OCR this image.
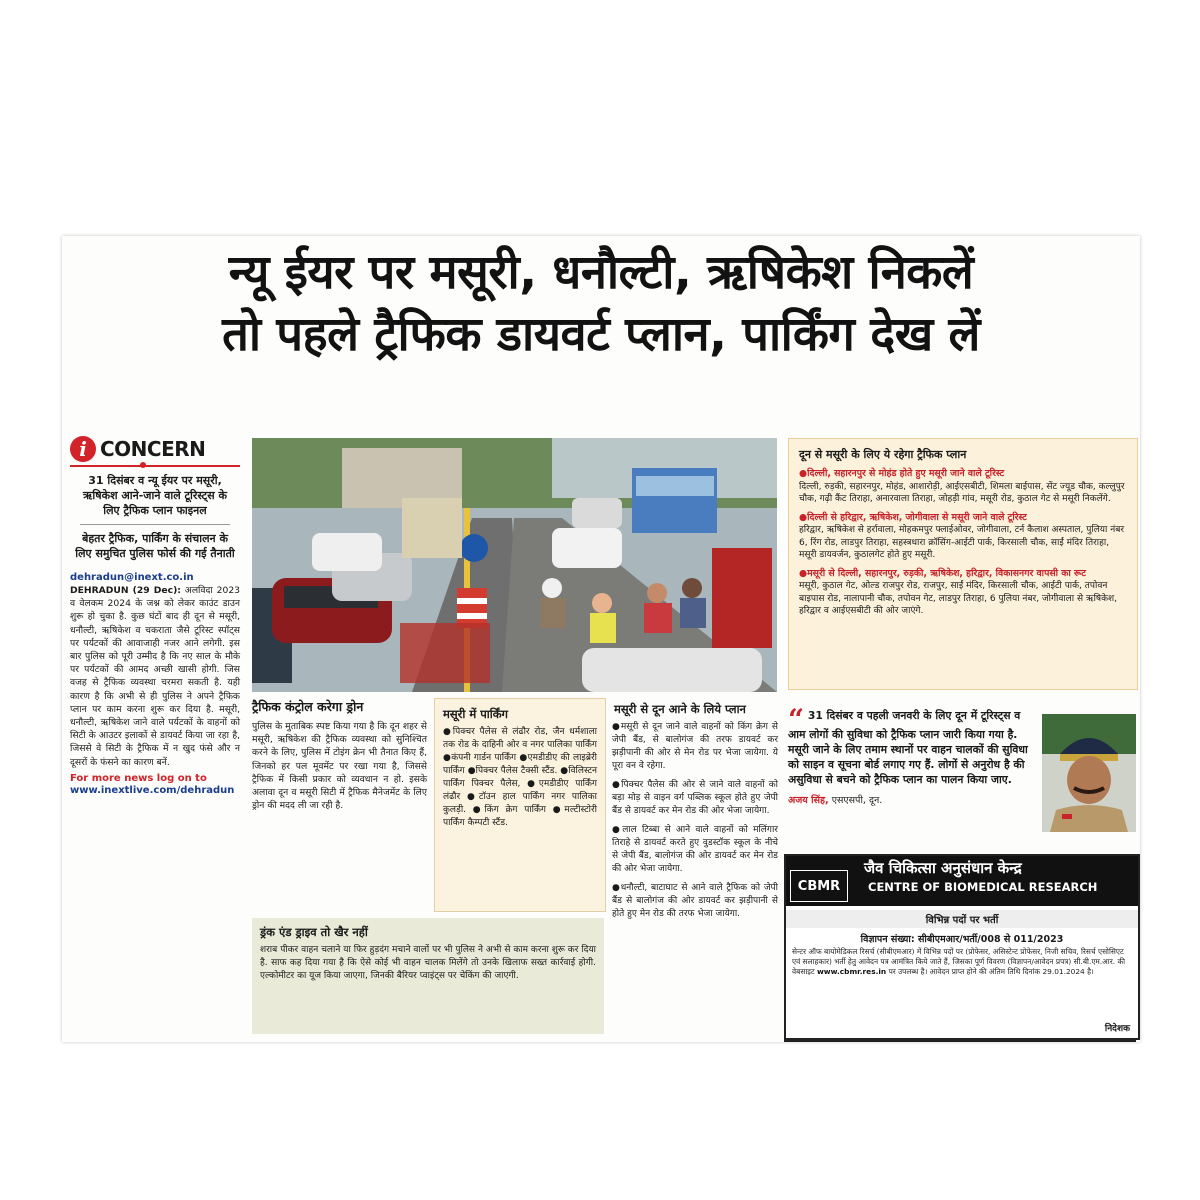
न्यू ईयर पर मसूरी, धनौल्टी, ऋषिकेश निकलें
तो पहले ट्रैफिक डायवर्ट प्लान, पार्किंग देख लें
i CONCERN
31 दिसंबर व न्यू ईयर पर मसूरी, ऋषिकेश आने-जाने वाले टूरिस्ट्स के लिए ट्रैफिक प्लान फाइनल
बेहतर ट्रैफिक, पार्किंग के संचालन के लिए समुचित पुलिस फोर्स की गई तैनाती
dehradun@inext.co.in
DEHRADUN (29 Dec): अलविदा 2023 व वेलकम 2024 के जश्न को लेकर काउंट डाउन शुरू हो चुका है. कुछ घंटों बाद ही दून से मसूरी, धनौल्टी, ऋषिकेश व चकराता जैसे टूरिस्ट स्पॉट्स पर पर्यटकों की आवाजाही नजर आने लगेगी. इस बार पुलिस को पूरी उम्मीद है कि नए साल के मौके पर पर्यटकों की आमद अच्छी खासी होगी. जिस वजह से ट्रैफिक व्यवस्था चरमरा सकती है. यही कारण है कि अभी से ही पुलिस ने अपने ट्रैफिक प्लान पर काम करना शुरू कर दिया है. मसूरी, धनौल्टी, ऋषिकेश जाने वाले पर्यटकों के वाहनों को सिटी के आउटर इलाकों से डायवर्ट किया जा रहा है, जिससे वे सिटी के ट्रैफिक में न खुद फंसे और न दूसरों के फंसने का कारण बनें.
For more news log on to
www.inextlive.com/dehradun
ट्रैफिक कंट्रोल करेगा ड्रोन
पुलिस के मुताबिक स्पष्ट किया गया है कि दून शहर से मसूरी, ऋषिकेश की ट्रैफिक व्यवस्था को सुनिश्चित करने के लिए, पुलिस में टोइंग क्रेन भी तैनात किए हैं, जिनको हर पल मूवमेंट पर रखा गया है, जिससे ट्रैफिक में किसी प्रकार को व्यवधान न हो. इसके अलावा दून व मसूरी सिटी में ट्रैफिक मैनेजमेंट के लिए ड्रोन की मदद ली जा रही है.
मसूरी में पार्किंग
●पिक्चर पैलेस से लंढौर रोड, जैन धर्मशाला तक रोड के दाहिनी ओर व नगर पालिका पार्किंग ●कंपनी गार्डन पार्किंग ●एमडीडीए की लाइब्रेरी पार्किंग ●पिक्चर पैलेस टैक्सी स्टैंड. ●विलिस्टन पार्किंग पिक्चर पैलेस, ●एमडीडीए पार्किंग लंढौर ●टॉउन हाल पार्किंग नगर पालिका कुलड़ी. ●किंग क्रेग पार्किंग ●मल्टीस्टोरी पार्किंग कैम्पटी स्टैंड.
मसूरी से दून आने के लिये प्लान

●मसूरी से दून जाने वाले वाहनों को किंग क्रेग से जेपी बैंड, से बालोगंज की तरफ डायवर्ट कर झड़ीपानी की ओर से मेन रोड पर भेजा जायेगा. ये पूरा वन वे रहेगा.

●पिक्चर पैलेस की ओर से जाने वाले वाहनों को बड़ा मोड़ से वाइन वर्ग पब्लिक स्कूल होते हुए जेपी बैंड से डायवर्ट कर मेन रोड की ओर भेजा जायेगा.

●लाल टिब्बा से आने वाले वाहनों को मलिंगार तिराहे से डायवर्ट करते हुए वुडस्टॉक स्कूल के नीचे से जेपी बैंड, बालोगंज की ओर डायवर्ट कर मेन रोड की ओर भेजा जायेगा.

●धनौल्टी, बाटाघाट से आने वाले ट्रैफिक को जेपी बैंड से बालोगंज की ओर डायवर्ट कर झड़ीपानी से होते हुए मेन रोड की तरफ भेजा जायेगा.

ड्रंक एंड ड्राइव तो खैर नहीं
शराब पीकर वाहन चलाने या फिर हुड़दंग मचाने वालों पर भी पुलिस ने अभी से काम करना शुरू कर दिया है. साफ कह दिया गया है कि ऐसे कोई भी वाहन चालक मिलेंगे तो उनके खिलाफ सख्त कार्रवाई होगी. एल्कोमीटर का यूज किया जाएगा, जिनकी बैरियर प्वाइंट्स पर चेकिंग की जाएगी.
दून से मसूरी के लिए ये रहेगा ट्रैफिक प्लान
●दिल्ली, सहारनपुर से मोहंड होते हुए मसूरी जाने वाले टूरिस्ट
दिल्ली, रुड़की, सहारनपुर, मोहंड, आशारोड़ी, आईएसबीटी, शिमला बाईपास, सेंट ज्यूड चौक, कल्लुपुर चौक, गढ़ी कैंट तिराहा, अनारवाला तिराहा, जोहड़ी गांव, मसूरी रोड, कुठाल गेट से मसूरी निकलेंगे.
●दिल्ली से हरिद्वार, ऋषिकेश, जोगीवाला से मसूरी जाने वाले टूरिस्ट
हरिद्वार, ऋषिकेश से हर्रावाला, मोहकमपुर फ्लाईओवर, जोगीवाला, टर्न कैलाश अस्पताल, पुलिया नंबर 6, रिंग रोड, लाडपुर तिराहा, सहस्त्रधारा क्रॉसिंग-आईटी पार्क, किरसाली चौक, साईं मंदिर तिराहा, मसूरी डायवर्जन, कुठालगेट होते हुए मसूरी.
●मसूरी से दिल्ली, सहारनपुर, रुड़की, ऋषिकेश, हरिद्वार, विकासनगर वापसी का रूट
मसूरी, कुठाल गेट, ओल्ड राजपुर रोड, राजपुर, साईं मंदिर, किरसाली चौक, आईटी पार्क, तपोवन बाइपास रोड, नालापानी चौक, तपोवन गेट, लाडपुर तिराहा, 6 पुलिया नंबर, जोगीवाला से ऋषिकेश, हरिद्वार व आईएसबीटी की ओर जाएंगे.
“ 31 दिसंबर व पहली जनवरी के लिए दून में टूरिस्ट्स व आम लोगों की सुविधा को ट्रैफिक प्लान जारी किया गया है. मसूरी जाने के लिए तमाम स्थानों पर वाहन चालकों की सुविधा को साइन व सूचना बोर्ड लगाए गए हैं. लोगों से अनुरोध है की असुविधा से बचने को ट्रैफिक प्लान का पालन किया जाए.
अजय सिंह, एसएसपी, दून.
CBMR
जैव चिकित्सा अनुसंधान केन्द्र
CENTRE OF BIOMEDICAL RESEARCH
विभिन्न पदों पर भर्ती
विज्ञापन संख्या: सीबीएमआर/भर्ती/008 से 011/2023
सेन्टर ऑफ बायोमेडिकल रिसर्च (सीबीएमआर) में विभिन्न पदों पर (प्रोफेसर, असिस्टेन्ट प्रोफेसर, निजी सचिव, रिसर्च एसोसिएट एवं सलाहकार) भर्ती हेतु आवेदन पत्र आमंत्रित किये जाते हैं, जिसका पूर्ण विवरण (विज्ञापन/आवेदन प्रपत्र) सी.बी.एम.आर. की वेबसाइट www.cbmr.res.in पर उपलब्ध है। आवेदन प्राप्त होने की अंतिम तिथि दिनांक 29.01.2024 है।
निदेशक
